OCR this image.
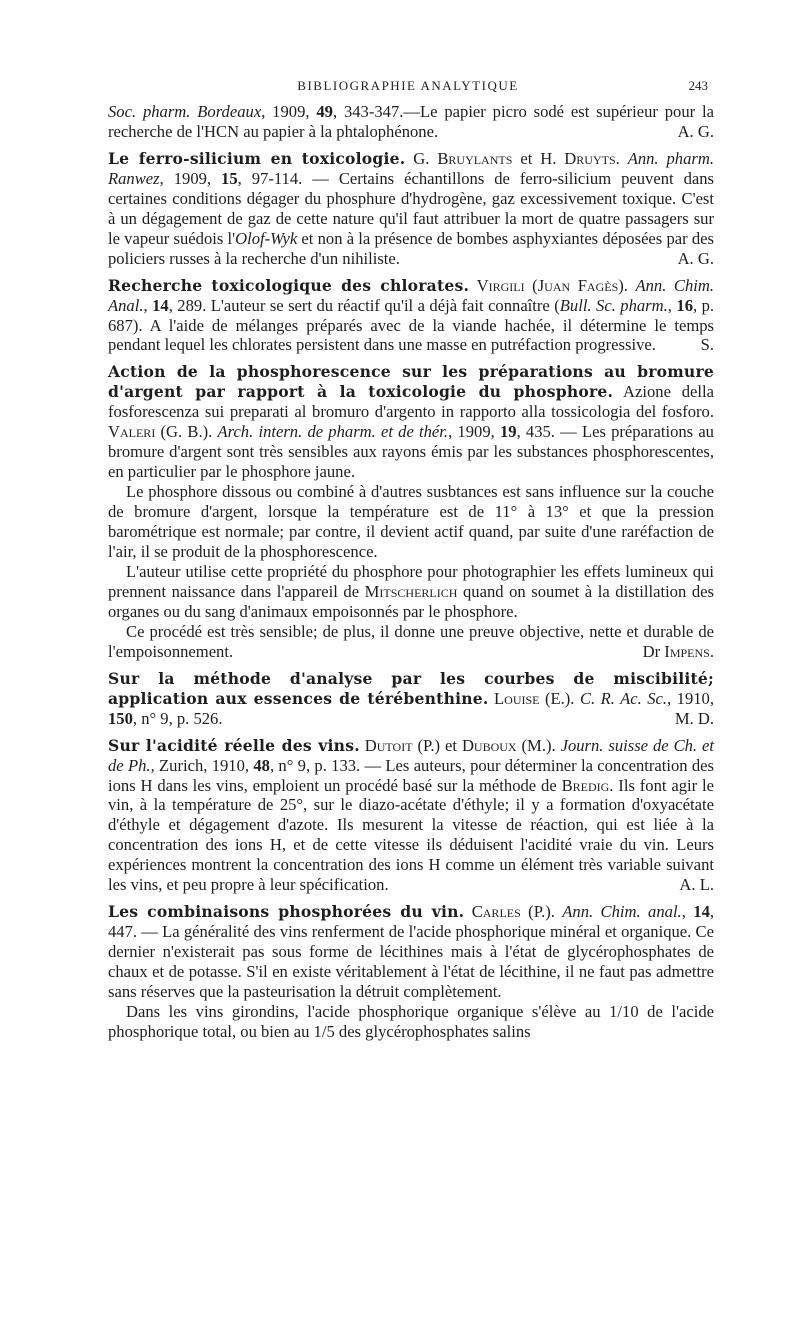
BIBLIOGRAPHIE ANALYTIQUE	243

Soc. pharm. Bordeaux, 1909, 49, 343-347.—Le papier picro sodé est supérieur pour la recherche de l'HCN au papier à la phtalophénone.	A. G.

Le ferro-silicium en toxicologie. G. Bruylants et H. Druyts. Ann. pharm. Ranwez, 1909, 15, 97-114. — Certains échantillons de ferro-silicium peuvent dans certaines conditions dégager du phosphure d'hydrogène, gaz excessivement toxique. C'est à un dégagement de gaz de cette nature qu'il faut attribuer la mort de quatre passagers sur le vapeur suédois l'Olof-Wyk et non à la présence de bombes asphyxiantes déposées par des policiers russes à la recherche d'un nihiliste.	A. G.

Recherche toxicologique des chlorates. Virgili (Juan Fagès). Ann. Chim. Anal., 14, 289. L'auteur se sert du réactif qu'il a déjà fait connaître (Bull. Sc. pharm., 16, p. 687). A l'aide de mélanges préparés avec de la viande hachée, il détermine le temps pendant lequel les chlorates persistent dans une masse en putréfaction progressive.	S.

Action de la phosphorescence sur les préparations au bromure d'argent par rapport à la toxicologie du phosphore. Azione della fosforescenza sui preparati al bromuro d'argento in rapporto alla tossicologia del fosforo. Valeri (G. B.). Arch. intern. de pharm. et de thér., 1909, 19, 435. — Les préparations au bromure d'argent sont très sensibles aux rayons émis par les substances phosphorescentes, en particulier par le phosphore jaune.

Le phosphore dissous ou combiné à d'autres susbtances est sans influence sur la couche de bromure d'argent, lorsque la température est de 11° à 13° et que la pression barométrique est normale; par contre, il devient actif quand, par suite d'une raréfaction de l'air, il se produit de la phosphorescence.

L'auteur utilise cette propriété du phosphore pour photographier les effets lumineux qui prennent naissance dans l'appareil de Mitscherlich quand on soumet à la distillation des organes ou du sang d'animaux empoisonnés par le phosphore.

Ce procédé est très sensible; de plus, il donne une preuve objective, nette et durable de l'empoisonnement.	Dr Impens.

Sur la méthode d'analyse par les courbes de miscibilité; application aux essences de térébenthine. Louise (E.). C. R. Ac. Sc., 1910, 150, n° 9, p. 526.	M. D.

Sur l'acidité réelle des vins. Dutoit (P.) et Duboux (M.). Journ. suisse de Ch. et de Ph., Zurich, 1910, 48, n° 9, p. 133. — Les auteurs, pour déterminer la concentration des ions H dans les vins, emploient un procédé basé sur la méthode de Bredig. Ils font agir le vin, à la température de 25°, sur le diazo-acétate d'éthyle; il y a formation d'oxyacétate d'éthyle et dégagement d'azote. Ils mesurent la vitesse de réaction, qui est liée à la concentration des ions H, et de cette vitesse ils déduisent l'acidité vraie du vin. Leurs expériences montrent la concentration des ions H comme un élément très variable suivant les vins, et peu propre à leur spécification.	A. L.

Les combinaisons phosphorées du vin. Carles (P.). Ann. Chim. anal., 14, 447. — La généralité des vins renferment de l'acide phosphorique minéral et organique. Ce dernier n'existerait pas sous forme de lécithines mais à l'état de glycérophosphates de chaux et de potasse. S'il en existe véritablement à l'état de lécithine, il ne faut pas admettre sans réserves que la pasteurisation la détruit complètement.

Dans les vins girondins, l'acide phosphorique organique s'élève au 1/10 de l'acide phosphorique total, ou bien au 1/5 des glycérophosphates salins
